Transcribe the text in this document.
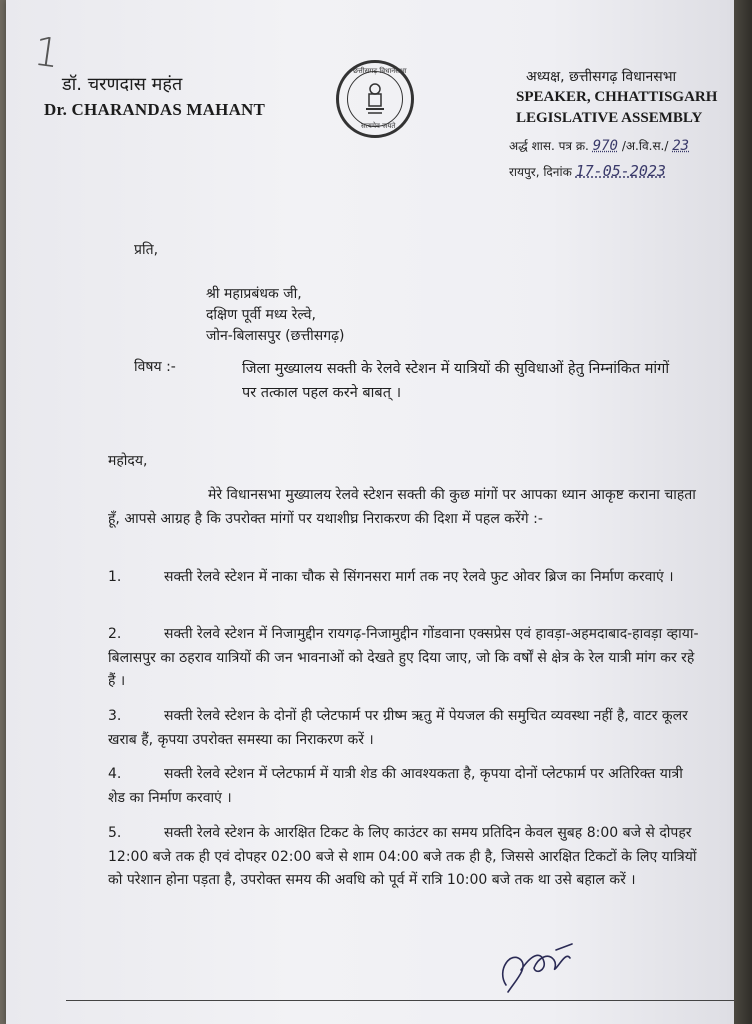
1
डॉ. चरणदास महंत
Dr. CHARANDAS MAHANT
छत्तीसगढ़ विधानसभा
सत्यमेव जयते
अध्यक्ष, छत्तीसगढ़ विधानसभा
SPEAKER, CHHATTISGARH
LEGISLATIVE ASSEMBLY
अर्द्ध शास. पत्र क्र. 970 /अ.वि.स./ 23
रायपुर, दिनांक 17-05-2023
प्रति,
श्री महाप्रबंधक जी,
दक्षिण पूर्वी मध्य रेल्वे,
जोन-बिलासपुर (छत्तीसगढ़)
विषय :-	जिला मुख्यालय सक्ती के रेलवे स्टेशन में यात्रियों की सुविधाओं हेतु निम्नांकित मांगों पर तत्काल पहल करने बाबत् ।
महोदय,
मेरे विधानसभा मुख्यालय रेलवे स्टेशन सक्ती की कुछ मांगों पर आपका ध्यान आकृष्ट कराना चाहता हूँ, आपसे आग्रह है कि उपरोक्त मांगों पर यथाशीघ्र निराकरण की दिशा में पहल करेंगे :-
1.	सक्ती रेलवे स्टेशन में नाका चौक से सिंगनसरा मार्ग तक नए रेलवे फुट ओवर ब्रिज का निर्माण करवाएं ।
2.	सक्ती रेलवे स्टेशन में निजामुद्दीन रायगढ़-निजामुद्दीन गोंडवाना एक्सप्रेस एवं हावड़ा-अहमदाबाद-हावड़ा व्हाया-बिलासपुर का ठहराव यात्रियों की जन भावनाओं को देखते हुए दिया जाए, जो कि वर्षों से क्षेत्र के रेल यात्री मांग कर रहे हैं ।
3.	सक्ती रेलवे स्टेशन के दोनों ही प्लेटफार्म पर ग्रीष्म ऋतु में पेयजल की समुचित व्यवस्था नहीं है, वाटर कूलर खराब हैं, कृपया उपरोक्त समस्या का निराकरण करें ।
4.	सक्ती रेलवे स्टेशन में प्लेटफार्म में यात्री शेड की आवश्यकता है, कृपया दोनों प्लेटफार्म पर अतिरिक्त यात्री शेड का निर्माण करवाएं ।
5.	सक्ती रेलवे स्टेशन के आरक्षित टिकट के लिए काउंटर का समय प्रतिदिन केवल सुबह 8:00 बजे से दोपहर 12:00 बजे तक ही एवं दोपहर 02:00 बजे से शाम 04:00 बजे तक ही है, जिससे आरक्षित टिकटों के लिए यात्रियों को परेशान होना पड़ता है, उपरोक्त समय की अवधि को पूर्व में रात्रि 10:00 बजे तक था उसे बहाल करें ।
